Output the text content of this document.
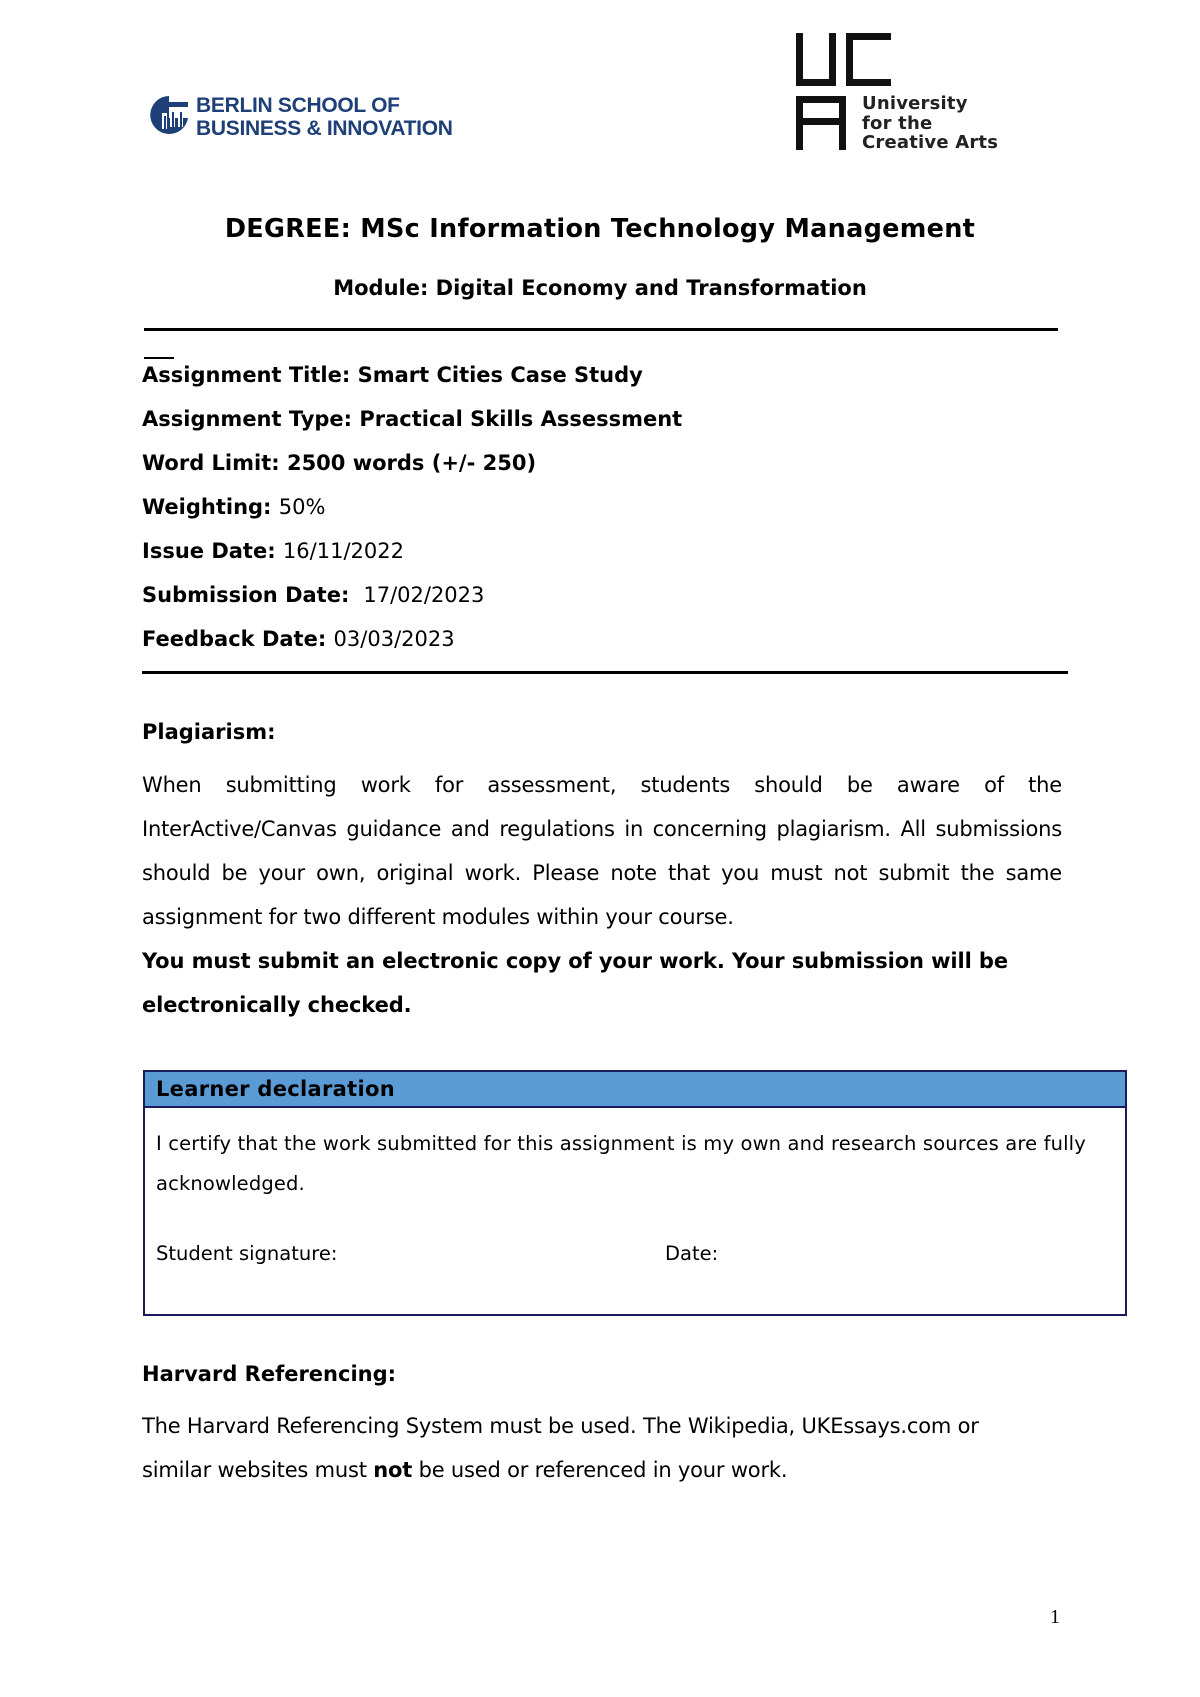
BERLIN SCHOOL OF
BUSINESS & INNOVATION
University
for the
Creative Arts
DEGREE: MSc Information Technology Management
Module: Digital Economy and Transformation
Assignment Title: Smart Cities Case Study
Assignment Type: Practical Skills Assessment
Word Limit: 2500 words (+/- 250)
Weighting: 50%
Issue Date: 16/11/2022
Submission Date:  17/02/2023
Feedback Date: 03/03/2023
Plagiarism:
When submitting work for assessment, students should be aware of the InterActive/Canvas guidance and regulations in concerning plagiarism. All submissions should be your own, original work. Please note that you must not submit the same assignment for two different modules within your course.
You must submit an electronic copy of your work. Your submission will be electronically checked.
Learner declaration
I certify that the work submitted for this assignment is my own and research sources are fully acknowledged.
Student signature:	Date:
Harvard Referencing:
The Harvard Referencing System must be used. The Wikipedia, UKEssays.com or similar websites must not be used or referenced in your work.
1
